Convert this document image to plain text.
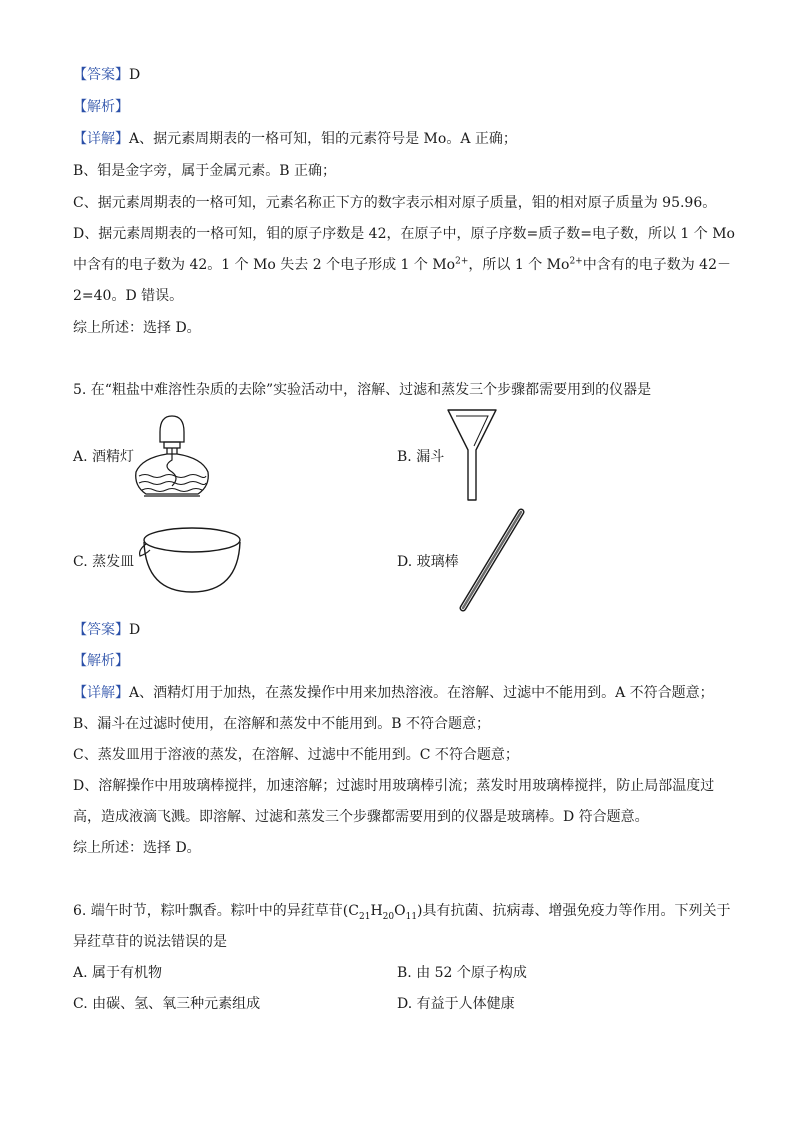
【答案】D
【解析】
【详解】A、据元素周期表的一格可知，钼的元素符号是 Mo。A 正确；
B、钼是金字旁，属于金属元素。B 正确；
C、据元素周期表的一格可知，元素名称正下方的数字表示相对原子质量，钼的相对原子质量为 95.96。
D、据元素周期表的一格可知，钼的原子序数是 42，在原子中，原子序数=质子数=电子数，所以 1 个 Mo
中含有的电子数为 42。1 个 Mo 失去 2 个电子形成 1 个 $Mo^{2+}$，所以 1 个 $Mo^{2+}$中含有的电子数为 42－
2=40。D 错误。
综上所述：选择 D。
5. 在“粗盐中难溶性杂质的去除”实验活动中，溶解、过滤和蒸发三个步骤都需要用到的仪器是
A. 酒精灯	B. 漏斗
C. 蒸发皿	D. 玻璃棒
【答案】D
【解析】
【详解】A、酒精灯用于加热，在蒸发操作中用来加热溶液。在溶解、过滤中不能用到。A 不符合题意；
B、漏斗在过滤时使用，在溶解和蒸发中不能用到。B 不符合题意；
C、蒸发皿用于溶液的蒸发，在溶解、过滤中不能用到。C 不符合题意；
D、溶解操作中用玻璃棒搅拌，加速溶解；过滤时用玻璃棒引流；蒸发时用玻璃棒搅拌，防止局部温度过
高，造成液滴飞溅。即溶解、过滤和蒸发三个步骤都需要用到的仪器是玻璃棒。D 符合题意。
综上所述：选择 D。
6. 端午时节，粽叶飘香。粽叶中的异荭草苷$(C_{21}H_{20}O_{11})$具有抗菌、抗病毒、增强免疫力等作用。下列关于
异荭草苷的说法错误的是
A. 属于有机物	B. 由 52 个原子构成
C. 由碳、氢、氧三种元素组成	D. 有益于人体健康
